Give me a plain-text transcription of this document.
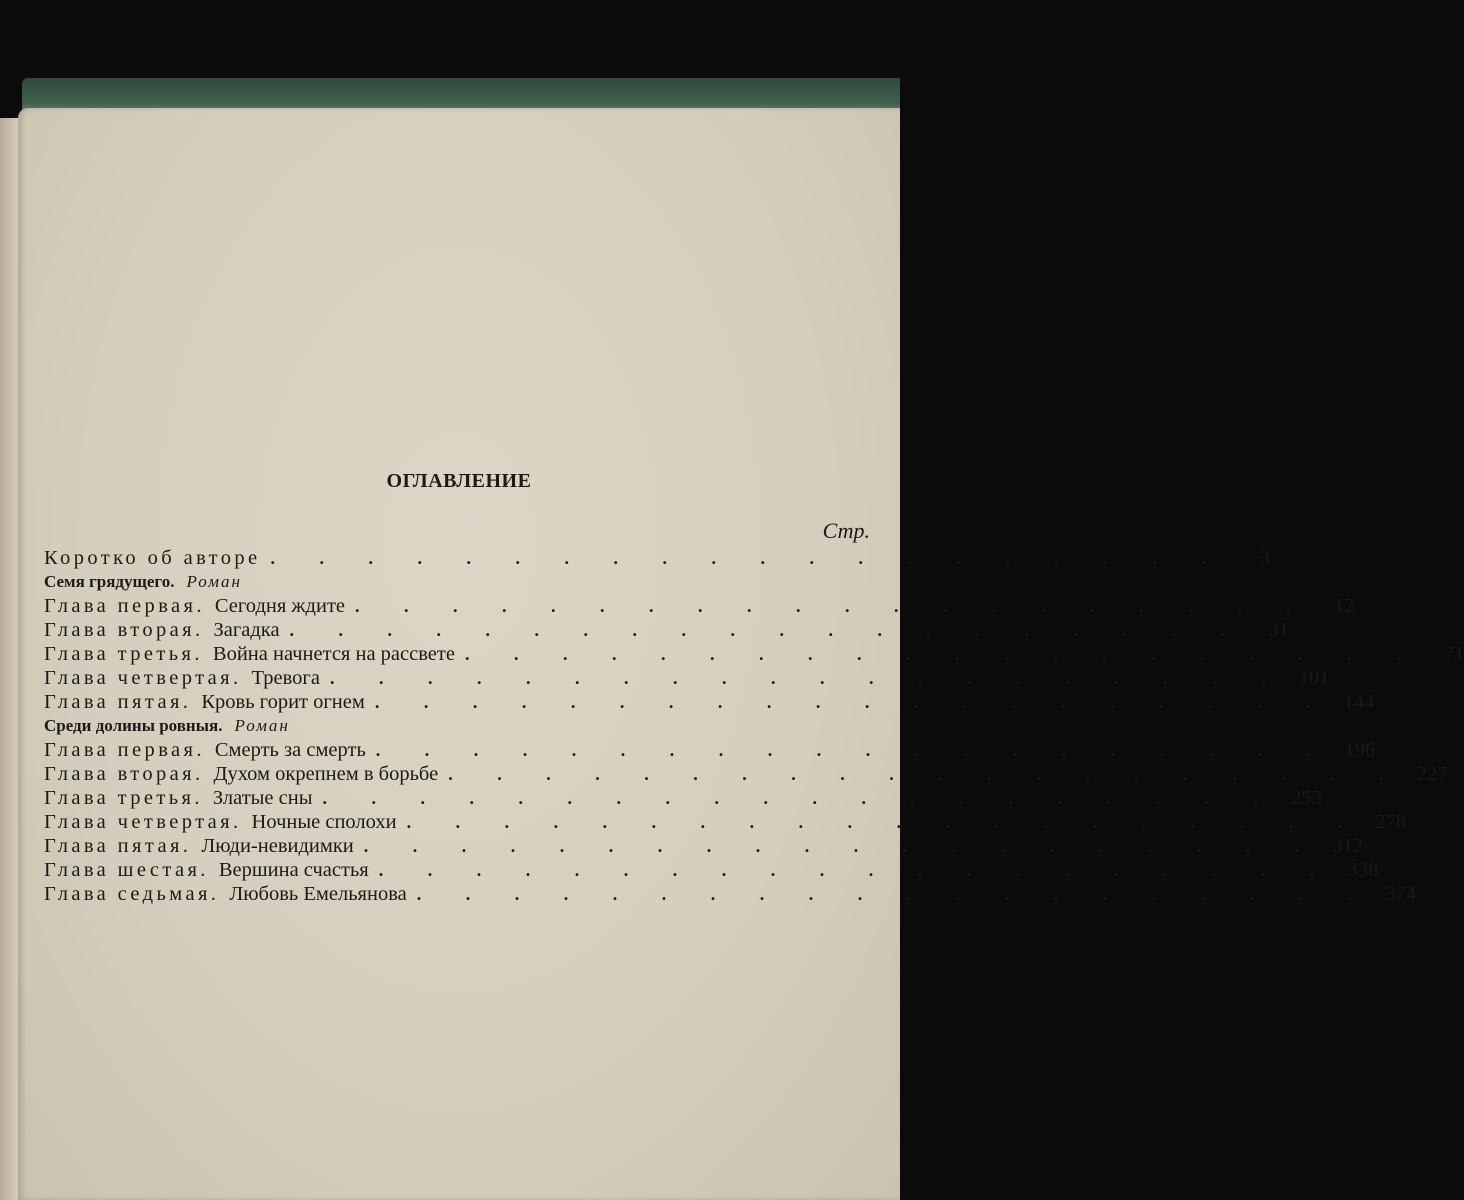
ОГЛАВЛЕНИЕ
Стр.
Коротко об авторе . . . . . . . . . . . . . . . . . . . .	3
Семя грядущего. Роман
Глава первая. Сегодня ждите . . . . . . . . . . . . . . . . . . . .	12
Глава вторая. Загадка . . . . . . . . . . . . . . . . . . . .	31
Глава третья. Война начнется на рассвете . . . . . . . . . . . . . . . . . . . .	71
Глава четвертая. Тревога . . . . . . . . . . . . . . . . . . . . 101
Глава пятая. Кровь горит огнем . . . . . . . . . . . . . . . . . . . . 144
Среди долины ровныя. Роман
Глава первая. Смерть за смерть . . . . . . . . . . . . . . . . . . . . 196
Глава вторая. Духом окрепнем в борьбе . . . . . . . . . . . . . . . . . . . . 227
Глава третья. Златые сны . . . . . . . . . . . . . . . . . . . . 253
Глава четвертая. Ночные сполохи . . . . . . . . . . . . . . . . . . . . 278
Глава пятая. Люди-невидимки . . . . . . . . . . . . . . . . . . . . 312
Глава шестая. Вершина счастья . . . . . . . . . . . . . . . . . . . . 338
Глава седьмая. Любовь Емельянова . . . . . . . . . . . . . . . . . . . . 374
